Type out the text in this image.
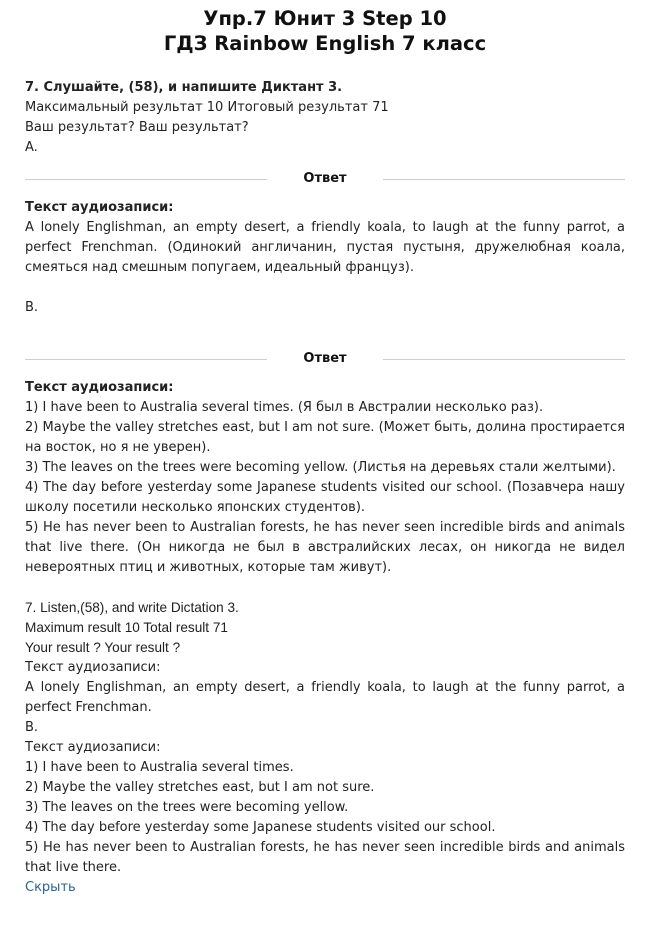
Упр.7 Юнит 3 Step 10
ГДЗ Rainbow English 7 класс

7. Слушайте, (58), и напишите Диктант 3.

Максимальный результат 10 Итоговый результат 71

Ваш результат? Ваш результат?

A.

Ответ

Текст аудиозаписи:

A lonely Englishman, an empty desert, a friendly koala, to laugh at the funny parrot, a perfect Frenchman. (Одинокий англичанин, пустая пустыня, дружелюбная коала, смеяться над смешным попугаем, идеальный француз).

B.

Ответ

Текст аудиозаписи:

1) I have been to Australia several times. (Я был в Австралии несколько раз).

2) Maybe the valley stretches east, but I am not sure. (Может быть, долина простирается на восток, но я не уверен).

3) The leaves on the trees were becoming yellow. (Листья на деревьях стали желтыми).

4) The day before yesterday some Japanese students visited our school. (Позавчера нашу школу посетили несколько японских студентов).

5) He has never been to Australian forests, he has never seen incredible birds and animals that live there. (Он никогда не был в австралийских лесах, он никогда не видел невероятных птиц и животных, которые там живут).

7. Listen,(58), and write Dictation 3.

Maximum result 10 Total result 71

Your result ? Your result ?

Текст аудиозаписи:

A lonely Englishman, an empty desert, a friendly koala, to laugh at the funny parrot, a perfect Frenchman.

B.

Текст аудиозаписи:

1) I have been to Australia several times.

2) Maybe the valley stretches east, but I am not sure.

3) The leaves on the trees were becoming yellow.

4) The day before yesterday some Japanese students visited our school.

5) He has never been to Australian forests, he has never seen incredible birds and animals that live there.

Скрыть
